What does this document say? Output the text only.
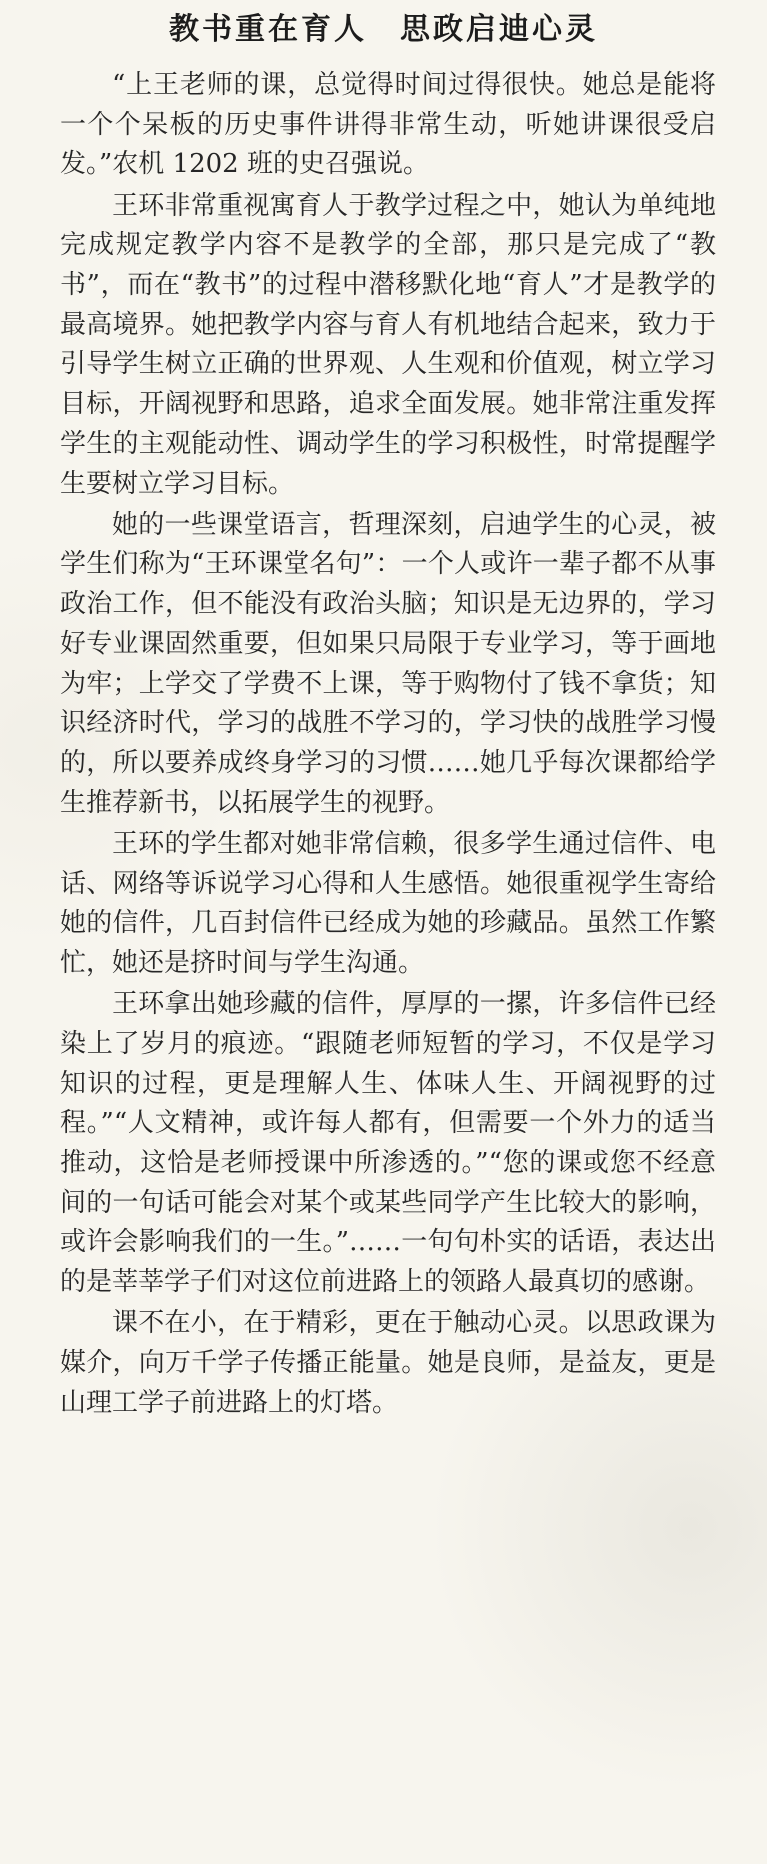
教书重在育人　思政启迪心灵

“上王老师的课，总觉得时间过得很快。她总是能将一个个呆板的历史事件讲得非常生动，听她讲课很受启发。”农机 1202 班的史召强说。

王环非常重视寓育人于教学过程之中，她认为单纯地完成规定教学内容不是教学的全部，那只是完成了“教书”，而在“教书”的过程中潜移默化地“育人”才是教学的最高境界。她把教学内容与育人有机地结合起来，致力于引导学生树立正确的世界观、人生观和价值观，树立学习目标，开阔视野和思路，追求全面发展。她非常注重发挥学生的主观能动性、调动学生的学习积极性，时常提醒学生要树立学习目标。

她的一些课堂语言，哲理深刻，启迪学生的心灵，被学生们称为“王环课堂名句”：一个人或许一辈子都不从事政治工作，但不能没有政治头脑；知识是无边界的，学习好专业课固然重要，但如果只局限于专业学习，等于画地为牢；上学交了学费不上课，等于购物付了钱不拿货；知识经济时代，学习的战胜不学习的，学习快的战胜学习慢的，所以要养成终身学习的习惯……她几乎每次课都给学生推荐新书，以拓展学生的视野。

王环的学生都对她非常信赖，很多学生通过信件、电话、网络等诉说学习心得和人生感悟。她很重视学生寄给她的信件，几百封信件已经成为她的珍藏品。虽然工作繁忙，她还是挤时间与学生沟通。

王环拿出她珍藏的信件，厚厚的一摞，许多信件已经染上了岁月的痕迹。“跟随老师短暂的学习，不仅是学习知识的过程，更是理解人生、体味人生、开阔视野的过程。”“人文精神，或许每人都有，但需要一个外力的适当推动，这恰是老师授课中所渗透的。”“您的课或您不经意间的一句话可能会对某个或某些同学产生比较大的影响，或许会影响我们的一生。”……一句句朴实的话语，表达出的是莘莘学子们对这位前进路上的领路人最真切的感谢。

课不在小，在于精彩，更在于触动心灵。以思政课为媒介，向万千学子传播正能量。她是良师，是益友，更是山理工学子前进路上的灯塔。
